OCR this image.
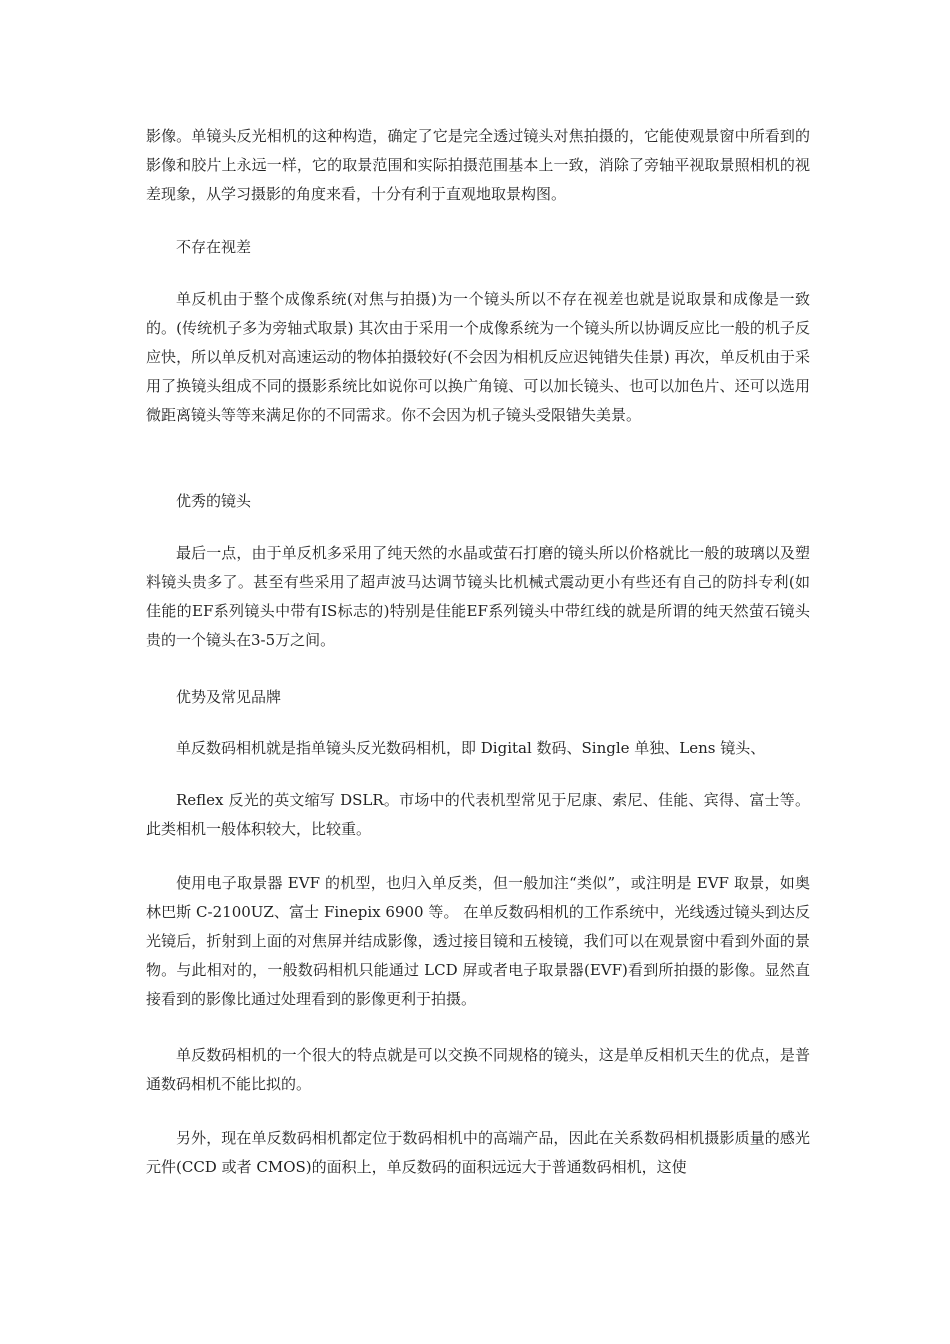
影像。单镜头反光相机的这种构造，确定了它是完全透过镜头对焦拍摄的，它能使观景窗中所看到的影像和胶片上永远一样，它的取景范围和实际拍摄范围基本上一致，消除了旁轴平视取景照相机的视差现象，从学习摄影的角度来看，十分有利于直观地取景构图。

不存在视差

单反机由于整个成像系统(对焦与拍摄)为一个镜头所以不存在视差也就是说取景和成像是一致的。(传统机子多为旁轴式取景) 其次由于采用一个成像系统为一个镜头所以协调反应比一般的机子反应快，所以单反机对高速运动的物体拍摄较好(不会因为相机反应迟钝错失佳景) 再次，单反机由于采用了换镜头组成不同的摄影系统比如说你可以换广角镜、可以加长镜头、也可以加色片、还可以选用微距离镜头等等来满足你的不同需求。你不会因为机子镜头受限错失美景。

优秀的镜头

最后一点，由于单反机多采用了纯天然的水晶或萤石打磨的镜头所以价格就比一般的玻璃以及塑料镜头贵多了。甚至有些采用了超声波马达调节镜头比机械式震动更小有些还有自己的防抖专利(如佳能的EF系列镜头中带有IS标志的)特别是佳能EF系列镜头中带红线的就是所谓的纯天然萤石镜头贵的一个镜头在3-5万之间。

优势及常见品牌

单反数码相机就是指单镜头反光数码相机，即 Digital 数码、Single 单独、Lens 镜头、

Reflex 反光的英文缩写 DSLR。市场中的代表机型常见于尼康、索尼、佳能、宾得、富士等。此类相机一般体积较大，比较重。

使用电子取景器 EVF 的机型，也归入单反类，但一般加注“类似”，或注明是 EVF 取景，如奥林巴斯 C-2100UZ、富士 Finepix 6900 等。 在单反数码相机的工作系统中，光线透过镜头到达反光镜后，折射到上面的对焦屏并结成影像，透过接目镜和五棱镜，我们可以在观景窗中看到外面的景物。与此相对的，一般数码相机只能通过 LCD 屏或者电子取景器(EVF)看到所拍摄的影像。显然直接看到的影像比通过处理看到的影像更利于拍摄。

单反数码相机的一个很大的特点就是可以交换不同规格的镜头，这是单反相机天生的优点，是普通数码相机不能比拟的。

另外，现在单反数码相机都定位于数码相机中的高端产品，因此在关系数码相机摄影质量的感光元件(CCD 或者 CMOS)的面积上，单反数码的面积远远大于普通数码相机，这使
